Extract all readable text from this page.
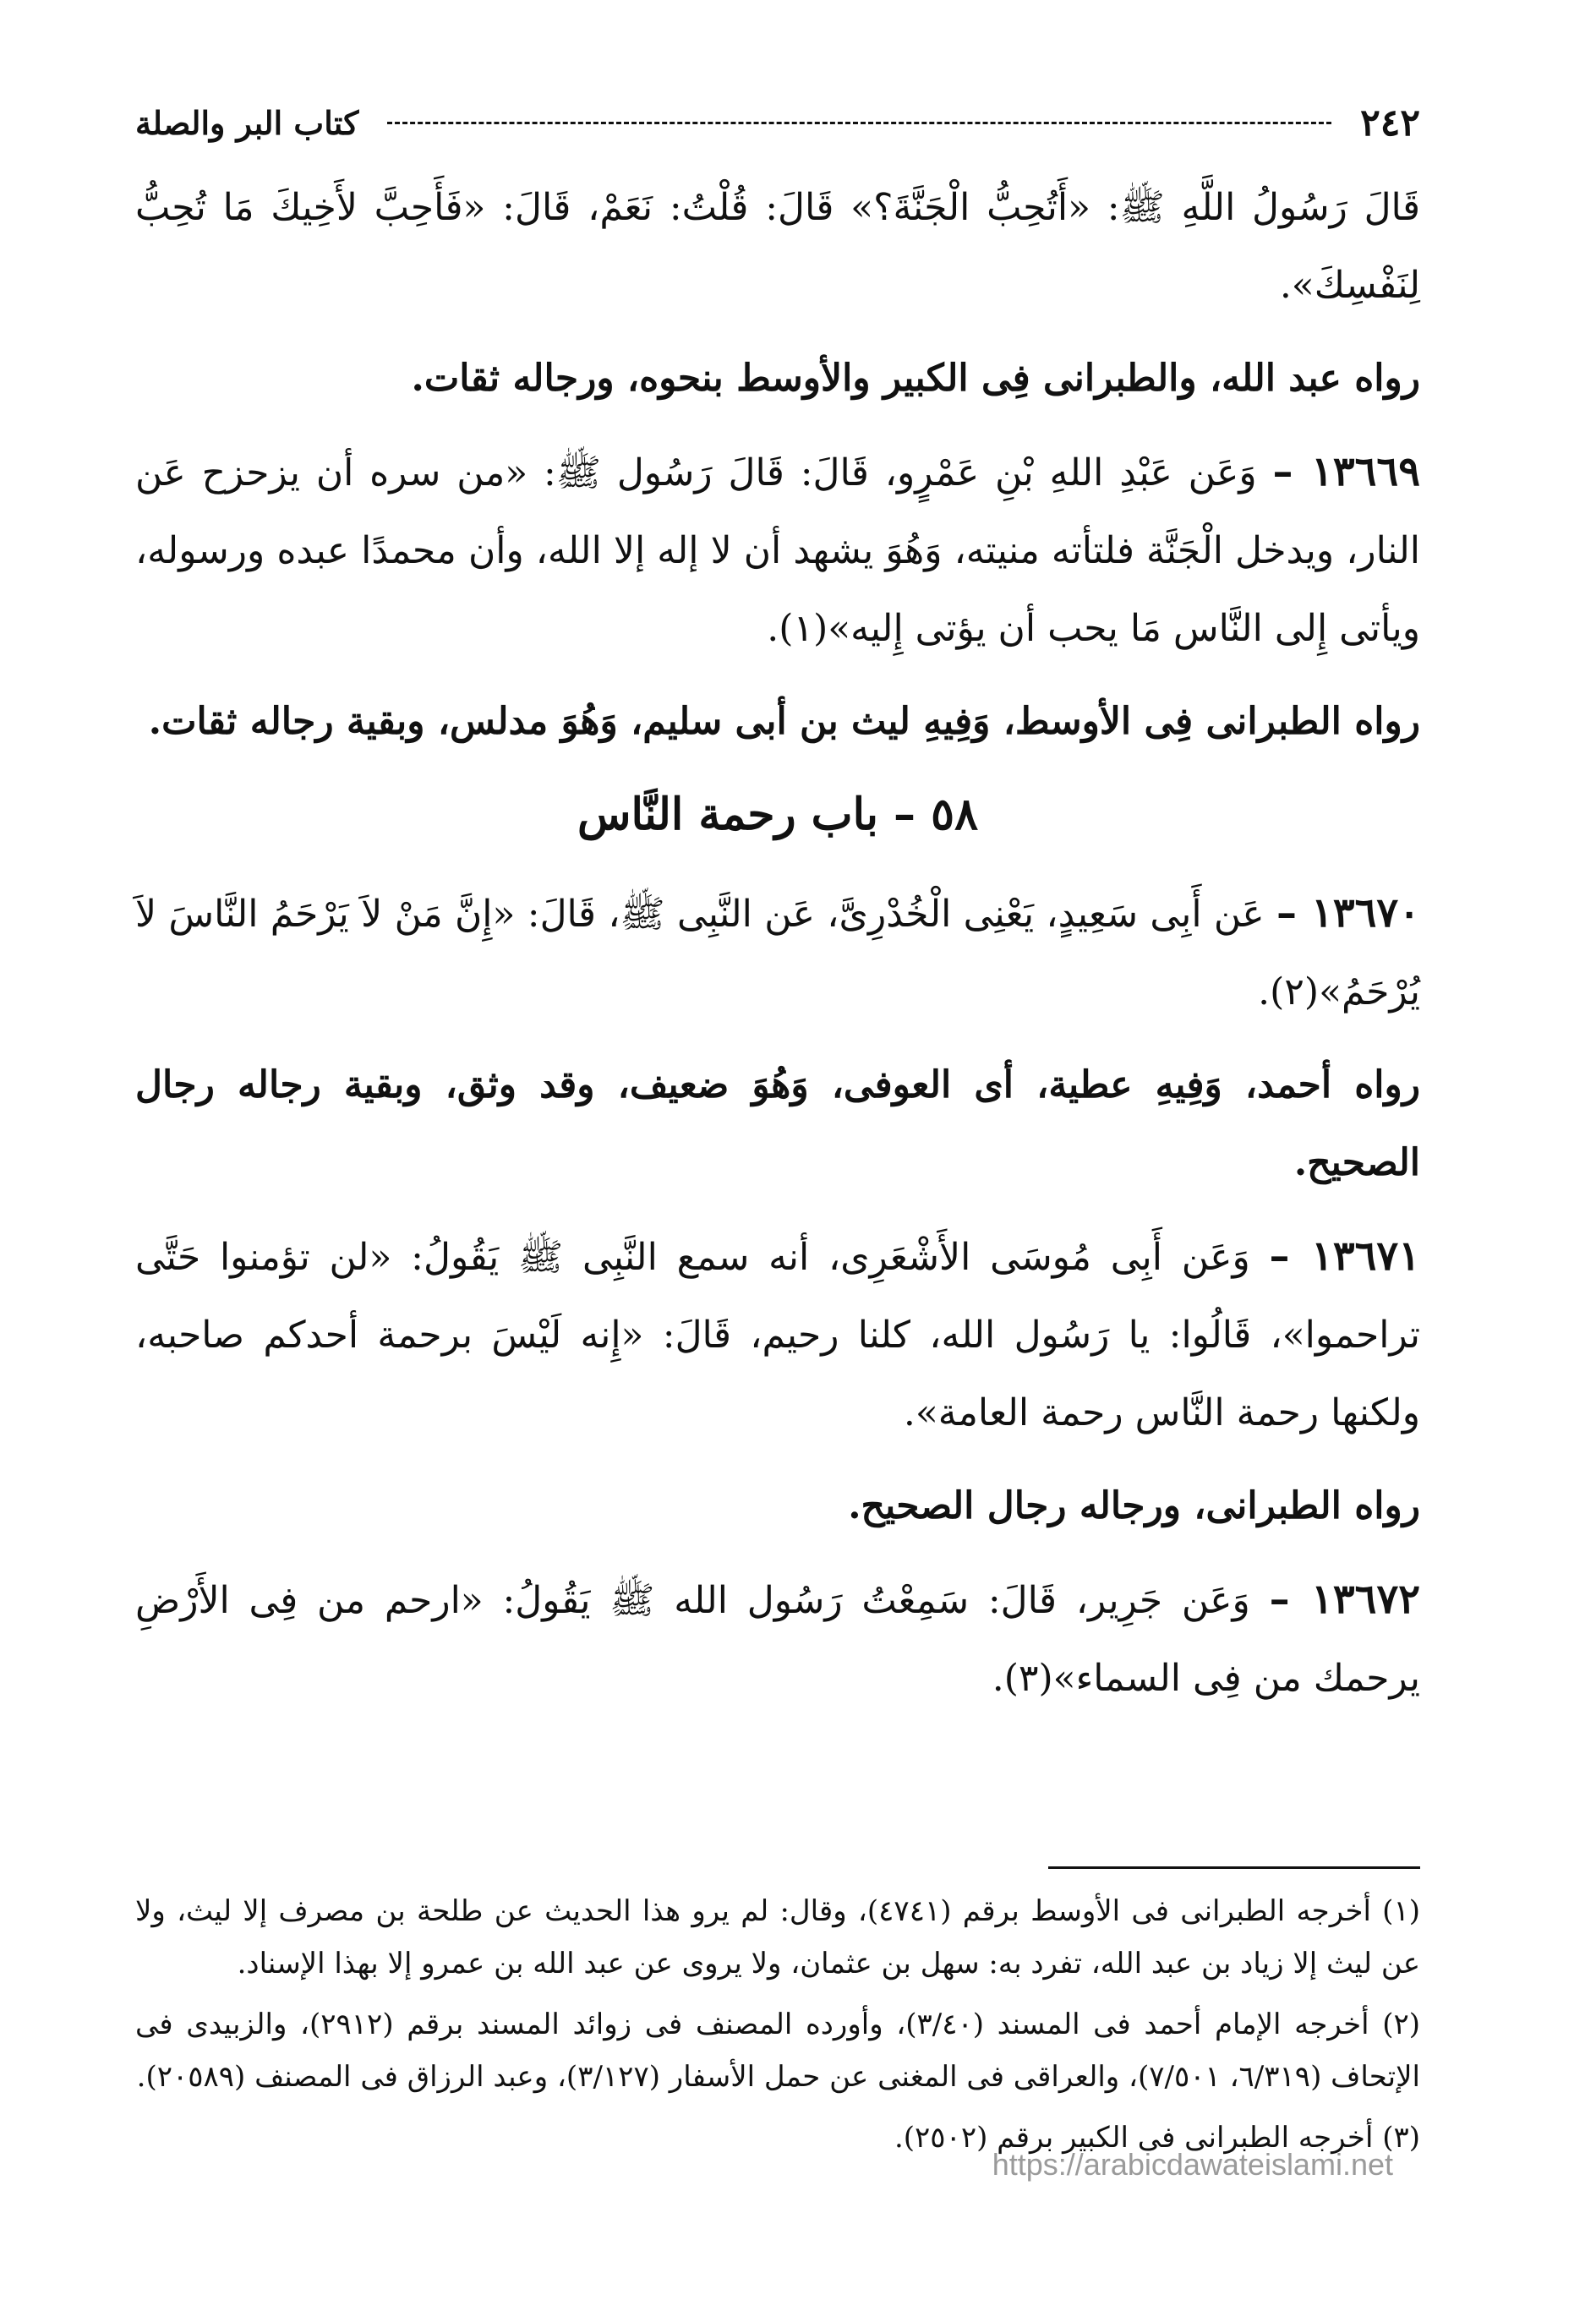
٢٤٢
كتاب البر والصلة

قَالَ رَسُولُ اللَّهِ ﷺ: «أَتُحِبُّ الْجَنَّةَ؟» قَالَ: قُلْتُ: نَعَمْ، قَالَ: «فَأَحِبَّ لأَخِيكَ مَا تُحِبُّ لِنَفْسِكَ».

رواه عبد الله، والطبرانى فِى الكبير والأوسط بنحوه، ورجاله ثقات.

١٣٦٦٩ – وَعَن عَبْدِ اللهِ بْنِ عَمْرٍو، قَالَ: قَالَ رَسُول ﷺ: «من سره أن يزحزح عَن النار، ويدخل الْجَنَّة فلتأته منيته، وَهُوَ يشهد أن لا إله إلا الله، وأن محمدًا عبده ورسوله، ويأتى إِلى النَّاس مَا يحب أن يؤتى إِليه»(١).

رواه الطبرانى فِى الأوسط، وَفِيهِ ليث بن أبى سليم، وَهُوَ مدلس، وبقية رجاله ثقات.

٥٨ – باب رحمة النَّاس

١٣٦٧٠ – عَن أَبِى سَعِيدٍ، يَعْنِى الْخُدْرِىَّ، عَن النَّبِى ﷺ، قَالَ: «إِنَّ مَنْ لاَ يَرْحَمُ النَّاسَ لاَ يُرْحَمُ»(٢).

رواه أحمد، وَفِيهِ عطية، أى العوفى، وَهُوَ ضعيف، وقد وثق، وبقية رجاله رجال الصحيح.

١٣٦٧١ – وَعَن أَبِى مُوسَى الأَشْعَرِى، أنه سمع النَّبِى ﷺ يَقُولُ: «لن تؤمنوا حَتَّى تراحموا»، قَالُوا: يا رَسُول الله، كلنا رحيم، قَالَ: «إِنه لَيْسَ برحمة أحدكم صاحبه، ولكنها رحمة النَّاس رحمة العامة».

رواه الطبرانى، ورجاله رجال الصحيح.

١٣٦٧٢ – وَعَن جَرِير، قَالَ: سَمِعْتُ رَسُول الله ﷺ يَقُولُ: «ارحم من فِى الأَرْضِ يرحمك من فِى السماء»(٣).

(١) أخرجه الطبرانى فى الأوسط برقم (٤٧٤١)، وقال: لم يرو هذا الحديث عن طلحة بن مصرف إلا ليث، ولا عن ليث إلا زياد بن عبد الله، تفرد به: سهل بن عثمان، ولا يروى عن عبد الله بن عمرو إلا بهذا الإسناد.

(٢) أخرجه الإمام أحمد فى المسند (٣/٤٠)، وأورده المصنف فى زوائد المسند برقم (٢٩١٢)، والزبيدى فى الإتحاف (٦/٣١٩، ٧/٥٠١)، والعراقى فى المغنى عن حمل الأسفار (٣/١٢٧)، وعبد الرزاق فى المصنف (٢٠٥٨٩).

(٣) أخرجه الطبرانى فى الكبير برقم (٢٥٠٢).

https://arabicdawateislami.net
